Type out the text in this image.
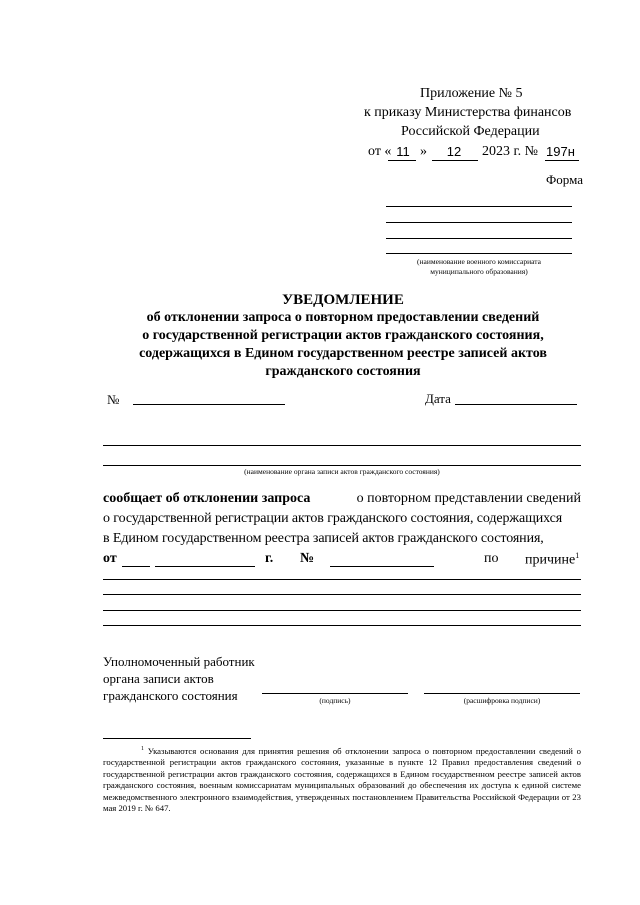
Приложение № 5
к приказу Министерства финансов
Российской Федерации
от « 11 »	12	2023 г. № 197н
Форма
(наименование военного комиссариата
муниципального образования)
УВЕДОМЛЕНИЕ
об отклонении запроса о повторном предоставлении сведений
о государственной регистрации актов гражданского состояния,
содержащихся в Едином государственном реестре записей актов
гражданского состояния
№	Дата
(наименование органа записи актов гражданского состояния)
сообщает об отклонении запроса	о повторном представлении сведений
о государственной регистрации актов гражданского состояния, содержащихся
в Едином государственном реестра записей актов гражданского состояния,
от	г. №	по причине$^1$
Уполномоченный работник
органа записи актов
гражданского состояния	(подпись)	(расшифровка подписи)
$^1$ Указываются основания для принятия решения об отклонении запроса о повторном предоставлении сведений о государственной регистрации актов гражданского состояния, указанные в пункте 12 Правил предоставления сведений о государственной регистрации актов гражданского состояния, содержащихся в Едином государственном реестре записей актов гражданского состояния, военным комиссариатам муниципальных образований до обеспечения их доступа к единой системе межведомственного электронного взаимодействия, утвержденных постановлением Правительства Российской Федерации от 23 мая 2019 г. № 647.
